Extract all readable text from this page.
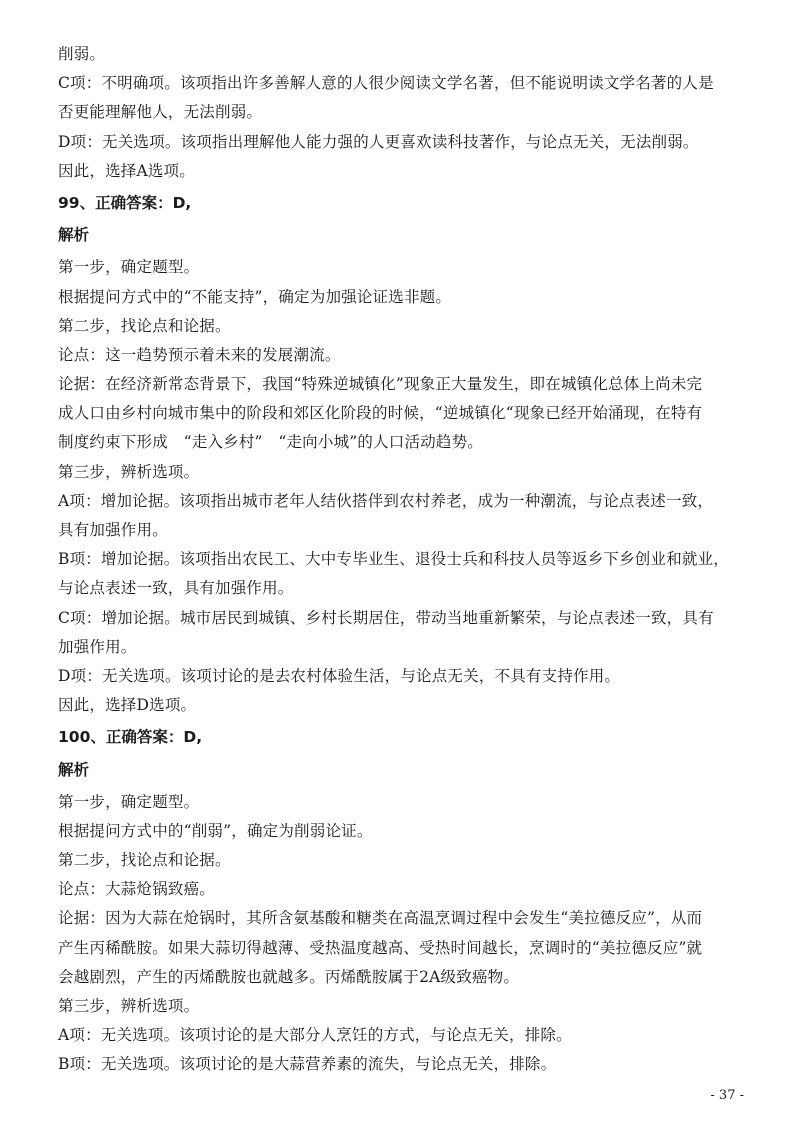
削弱。
C项：不明确项。该项指出许多善解人意的人很少阅读文学名著，但不能说明读文学名著的人是
否更能理解他人，无法削弱。
D项：无关选项。该项指出理解他人能力强的人更喜欢读科技著作，与论点无关，无法削弱。
因此，选择A选项。
99、正确答案：D,
解析
第一步，确定题型。
根据提问方式中的“不能支持”，确定为加强论证选非题。
第二步，找论点和论据。
论点：这一趋势预示着未来的发展潮流。
论据：在经济新常态背景下，我国“特殊逆城镇化”现象正大量发生，即在城镇化总体上尚未完
成人口由乡村向城市集中的阶段和郊区化阶段的时候，“逆城镇化“现象已经开始涌现，在特有
制度约束下形成　“走入乡村”　“走向小城”的人口活动趋势。
第三步，辨析选项。
A项：增加论据。该项指出城市老年人结伙搭伴到农村养老，成为一种潮流，与论点表述一致，
具有加强作用。
B项：增加论据。该项指出农民工、大中专毕业生、退役士兵和科技人员等返乡下乡创业和就业，
与论点表述一致，具有加强作用。
C项：增加论据。城市居民到城镇、乡村长期居住，带动当地重新繁荣，与论点表述一致，具有
加强作用。
D项：无关选项。该项讨论的是去农村体验生活，与论点无关，不具有支持作用。
因此，选择D选项。
100、正确答案：D,
解析
第一步，确定题型。
根据提问方式中的“削弱”，确定为削弱论证。
第二步，找论点和论据。
论点：大蒜炝锅致癌。
论据：因为大蒜在炝锅时，其所含氨基酸和糖类在高温烹调过程中会发生“美拉德反应”，从而
产生丙稀酰胺。如果大蒜切得越薄、受热温度越高、受热时间越长，烹调时的“美拉德反应”就
会越剧烈，产生的丙烯酰胺也就越多。丙烯酰胺属于2A级致癌物。
第三步，辨析选项。
A项：无关选项。该项讨论的是大部分人烹饪的方式，与论点无关，排除。
B项：无关选项。该项讨论的是大蒜营养素的流失，与论点无关，排除。
- 37 -
